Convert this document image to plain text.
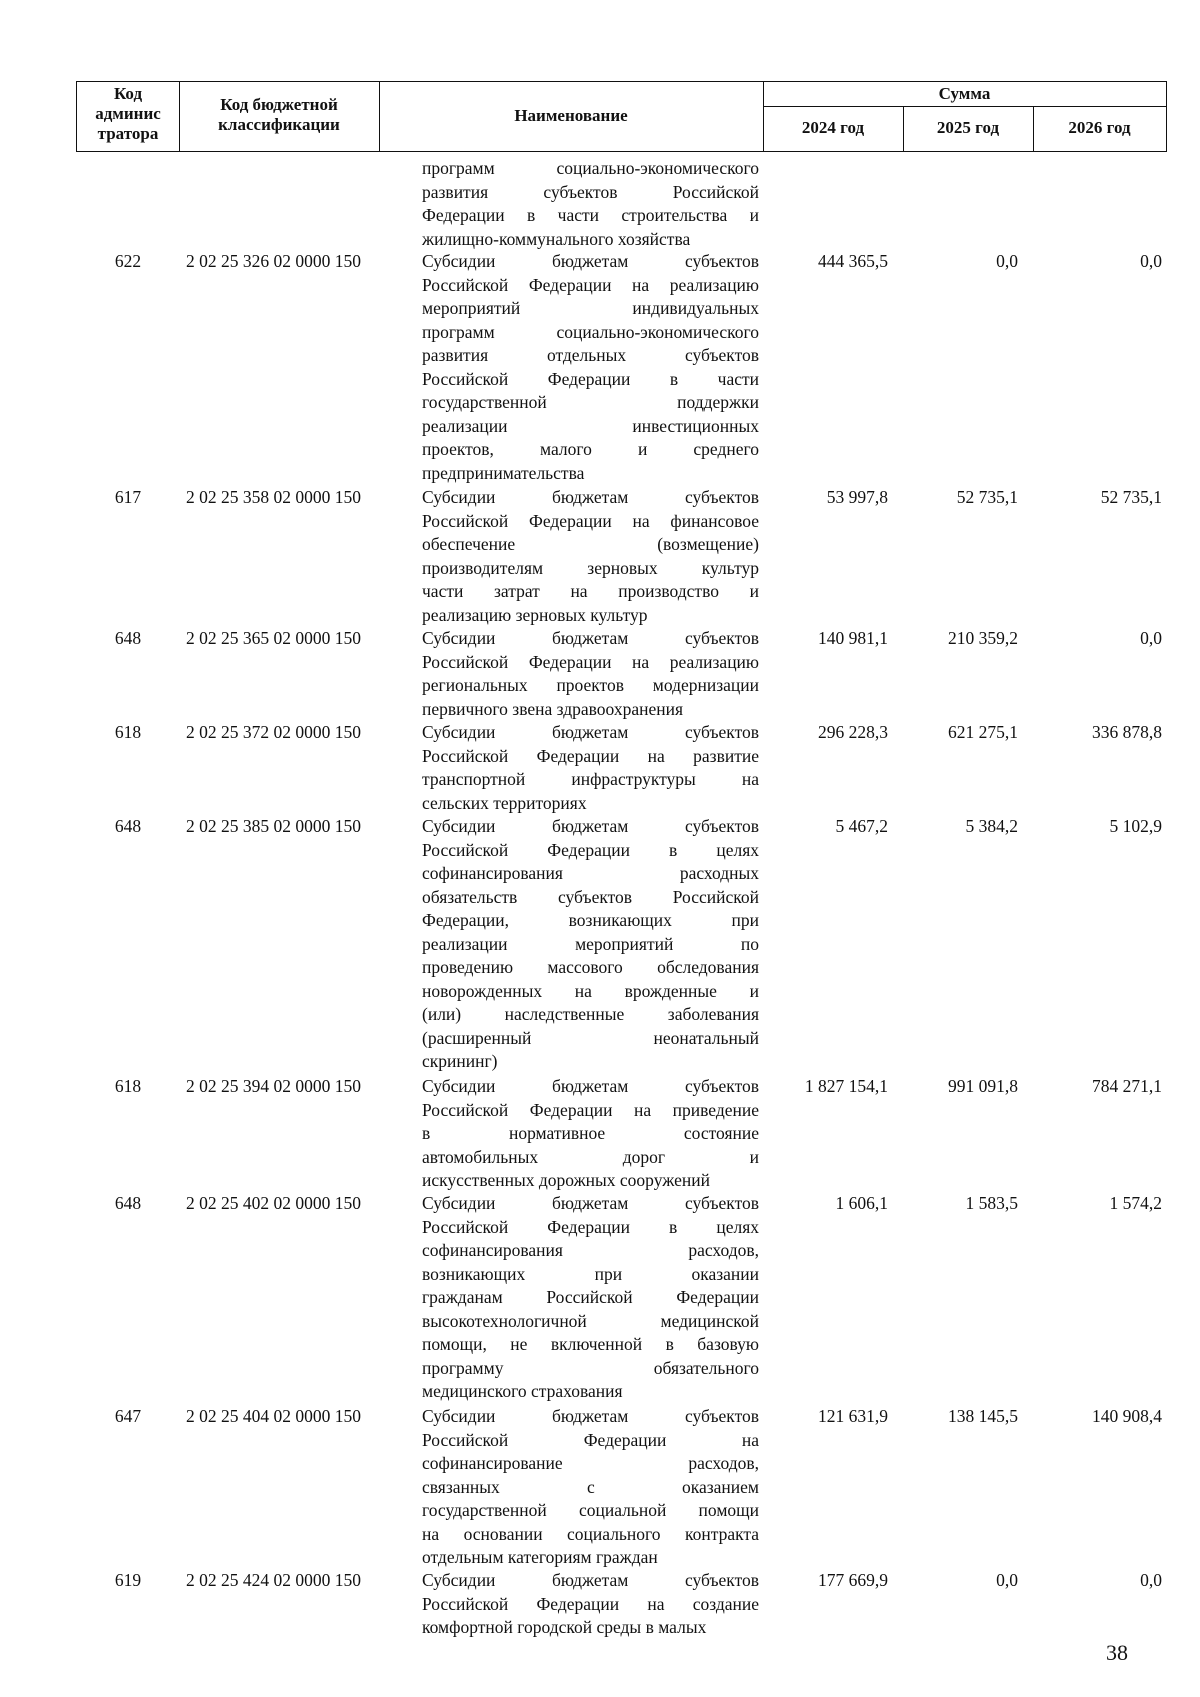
Код
админис
тратора
Код бюджетной
классификации	Наименование
Сумма
2024 год	2025 год	2026 год
программ социально-экономического
развития субъектов Российской
Федерации в части строительства и
жилищно-коммунального хозяйства
622	2 02 25 326 02 0000 150	Субсидии бюджетам субъектов
Российской Федерации на реализацию
мероприятий индивидуальных
программ социально-экономического
развития отдельных субъектов
Российской Федерации в части
государственной поддержки
реализации инвестиционных
проектов, малого и среднего
предпринимательства
444 365,5	0,0	0,0
617	2 02 25 358 02 0000 150	Субсидии бюджетам субъектов
Российской Федерации на финансовое
обеспечение (возмещение)
производителям зерновых культур
части затрат на производство и
реализацию зерновых культур
53 997,8	52 735,1	52 735,1
648	2 02 25 365 02 0000 150	Субсидии бюджетам субъектов
Российской Федерации на реализацию
региональных проектов модернизации
первичного звена здравоохранения
140 981,1	210 359,2	0,0
618	2 02 25 372 02 0000 150	Субсидии бюджетам субъектов
Российской Федерации на развитие
транспортной инфраструктуры на
сельских территориях
296 228,3	621 275,1	336 878,8
648	2 02 25 385 02 0000 150	Субсидии бюджетам субъектов
Российской Федерации в целях
софинансирования расходных
обязательств субъектов Российской
Федерации, возникающих при
реализации мероприятий по
проведению массового обследования
новорожденных на врожденные и
(или) наследственные заболевания
(расширенный неонатальный
скрининг)
5 467,2	5 384,2	5 102,9
618	2 02 25 394 02 0000 150	Субсидии бюджетам субъектов
Российской Федерации на приведение
в нормативное состояние
автомобильных дорог и
искусственных дорожных сооружений
1 827 154,1	991 091,8	784 271,1
648	2 02 25 402 02 0000 150	Субсидии бюджетам субъектов
Российской Федерации в целях
софинансирования расходов,
возникающих при оказании
гражданам Российской Федерации
высокотехнологичной медицинской
помощи, не включенной в базовую
программу обязательного
медицинского страхования
1 606,1	1 583,5	1 574,2
647	2 02 25 404 02 0000 150	Субсидии бюджетам субъектов
Российской Федерации на
софинансирование расходов,
связанных с оказанием
государственной социальной помощи
на основании социального контракта
отдельным категориям граждан
121 631,9	138 145,5	140 908,4
619	2 02 25 424 02 0000 150	Субсидии бюджетам субъектов
Российской Федерации на создание
комфортной городской среды в малых
177 669,9	0,0	0,0
38
